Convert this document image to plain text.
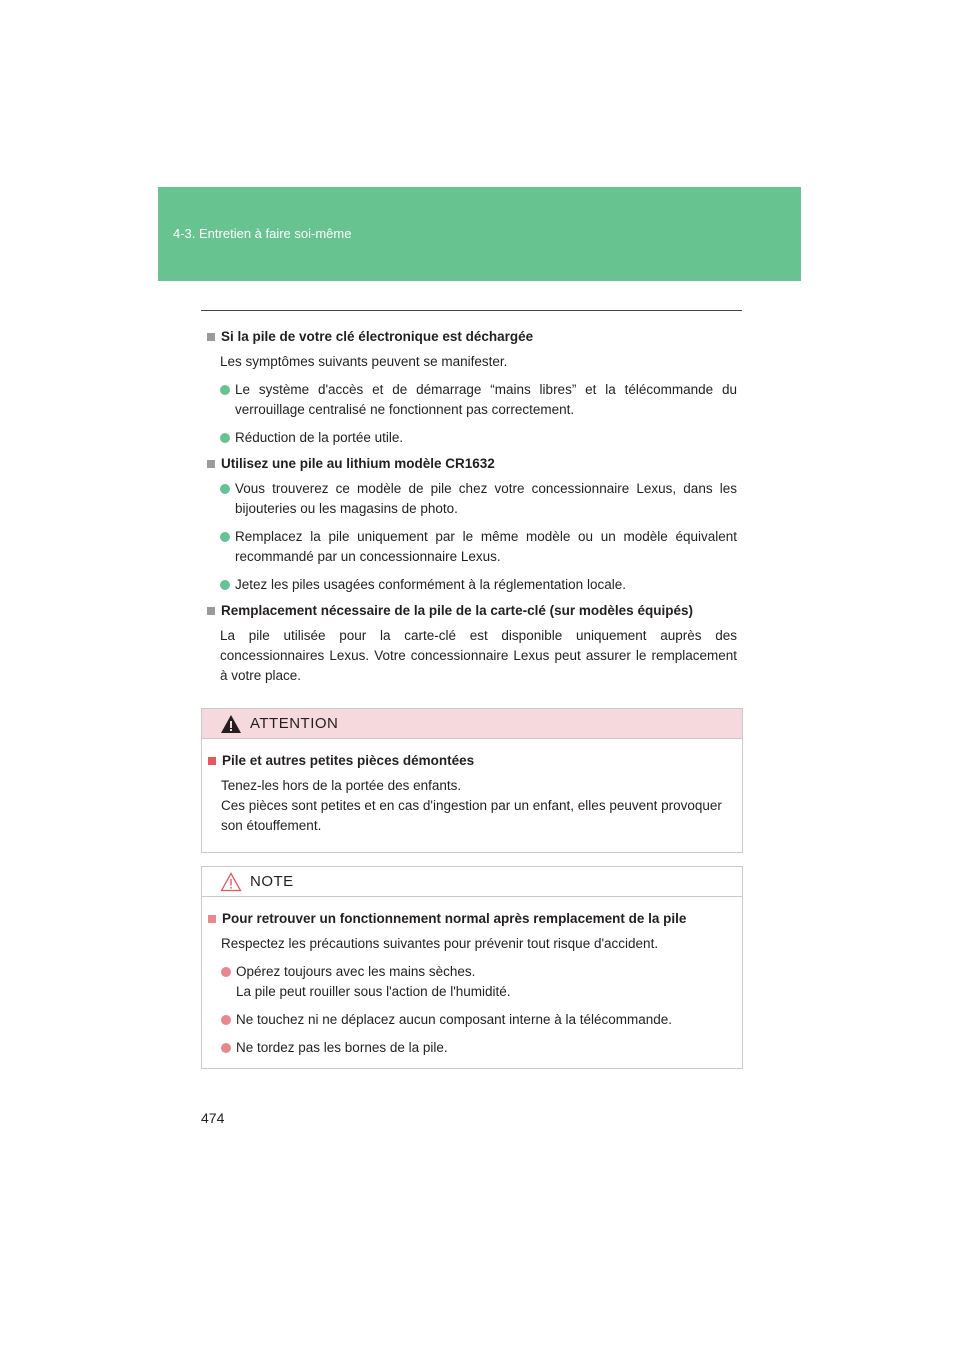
4-3. Entretien à faire soi-même
Si la pile de votre clé électronique est déchargée
Les symptômes suivants peuvent se manifester.
Le système d'accès et de démarrage “mains libres” et la télécommande du verrouillage centralisé ne fonctionnent pas correctement.
Réduction de la portée utile.
Utilisez une pile au lithium modèle CR1632
Vous trouverez ce modèle de pile chez votre concessionnaire Lexus, dans les bijouteries ou les magasins de photo.
Remplacez la pile uniquement par le même modèle ou un modèle équivalent recommandé par un concessionnaire Lexus.
Jetez les piles usagées conformément à la réglementation locale.
Remplacement nécessaire de la pile de la carte-clé (sur modèles équipés)
La pile utilisée pour la carte-clé est disponible uniquement auprès des concessionnaires Lexus. Votre concessionnaire Lexus peut assurer le remplacement à votre place.
ATTENTION
Pile et autres petites pièces démontées
Tenez-les hors de la portée des enfants.
Ces pièces sont petites et en cas d'ingestion par un enfant, elles peuvent provoquer son étouffement.
NOTE
Pour retrouver un fonctionnement normal après remplacement de la pile
Respectez les précautions suivantes pour prévenir tout risque d'accident.
Opérez toujours avec les mains sèches.
La pile peut rouiller sous l'action de l'humidité.
Ne touchez ni ne déplacez aucun composant interne à la télécommande.
Ne tordez pas les bornes de la pile.
474
